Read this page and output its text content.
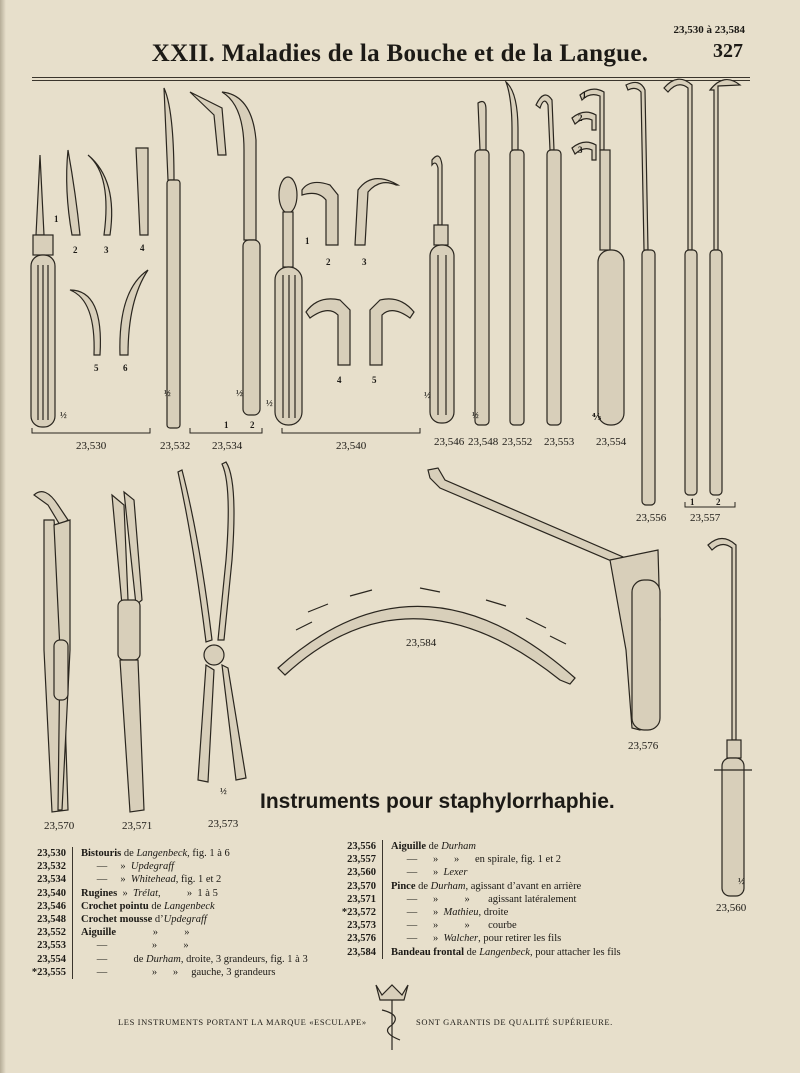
23,530 à 23,584
XXII. Maladies de la Bouche et de la Langue.	327
23,530	23,532 23,534	23,540	23,546 23,548 23,552 23,553 23,554
23,556 23,557
23,584
23,576
23,570	23,571	23,573
23,560
1
2	3	4
5	6
½
½
1 2
½
½
1
2	3
4	5
½
½
1
2
3
⅘
1 2
½
½
Instruments pour staphylorrhaphie.
23,530	Bistouris de Langenbeck, fig. 1 à 6
23,532	—     »  Updegraff
23,534	—     »  Whitehead, fig. 1 et 2
23,540	Rugines  »  Trélat,          »  1 à 5
23,546	Crochet pointu de Langenbeck
23,548	Crochet mousse d’Updegraff
23,552	Aiguille              »          »
23,553	—                 »          »
23,554	—          de Durham, droite, 3 grandeurs, fig. 1 à 3
*23,555	—                 »      »     gauche, 3 grandeurs
23,556	Aiguille de Durham
23,557	—      »      »      en spirale, fig. 1 et 2
23,560	—      »  Lexer
23,570	Pince de Durham, agissant d’avant en arrière
23,571	—      »          »       agissant latéralement
*23,572	—      »  Mathieu, droite
23,573	—      »          »       courbe
23,576	—      »  Walcher, pour retirer les fils
23,584	Bandeau frontal de Langenbeck, pour attacher les fils
LES INSTRUMENTS PORTANT LA MARQUE «ESCULAPE»	SONT GARANTIS DE QUALITÉ SUPÉRIEURE.
